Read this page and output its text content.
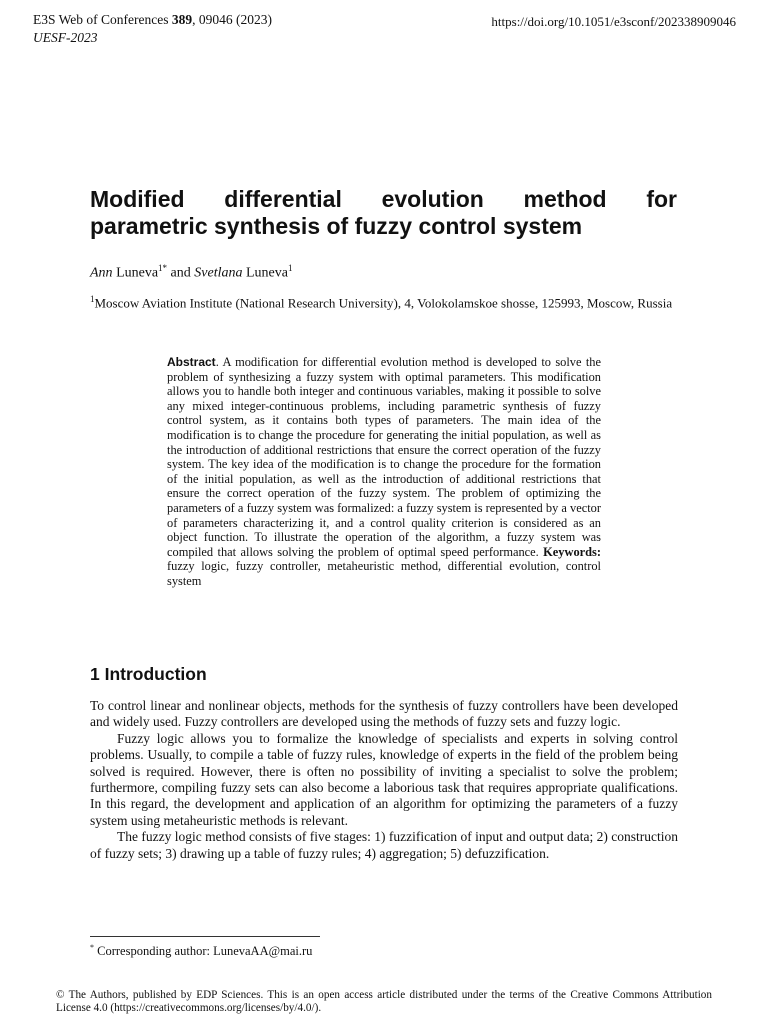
E3S Web of Conferences 389, 09046 (2023)
UESF-2023
https://doi.org/10.1051/e3sconf/202338909046
Modified differential evolution method for
parametric synthesis of fuzzy control system
Ann Luneva$^{1*}$ and Svetlana Luneva$^1$
$^1$Moscow Aviation Institute (National Research University), 4, Volokolamskoe shosse, 125993, Moscow, Russia
Abstract. A modification for differential evolution method is developed to solve the problem of synthesizing a fuzzy system with optimal parameters. This modification allows you to handle both integer and continuous variables, making it possible to solve any mixed integer-continuous problems, including parametric synthesis of fuzzy control system, as it contains both types of parameters. The main idea of the modification is to change the procedure for generating the initial population, as well as the introduction of additional restrictions that ensure the correct operation of the fuzzy system. The key idea of the modification is to change the procedure for the formation of the initial population, as well as the introduction of additional restrictions that ensure the correct operation of the fuzzy system. The problem of optimizing the parameters of a fuzzy system was formalized: a fuzzy system is represented by a vector of parameters characterizing it, and a control quality criterion is considered as an object function. To illustrate the operation of the algorithm, a fuzzy system was compiled that allows solving the problem of optimal speed performance. Keywords: fuzzy logic, fuzzy controller, metaheuristic method, differential evolution, control system
1 Introduction

To control linear and nonlinear objects, methods for the synthesis of fuzzy controllers have been developed and widely used. Fuzzy controllers are developed using the methods of fuzzy sets and fuzzy logic.

Fuzzy logic allows you to formalize the knowledge of specialists and experts in solving control problems. Usually, to compile a table of fuzzy rules, knowledge of experts in the field of the problem being solved is required. However, there is often no possibility of inviting a specialist to solve the problem; furthermore, compiling fuzzy sets can also become a laborious task that requires appropriate qualifications. In this regard, the development and application of an algorithm for optimizing the parameters of a fuzzy system using metaheuristic methods is relevant.

The fuzzy logic method consists of five stages: 1) fuzzification of input and output data; 2) construction of fuzzy sets; 3) drawing up a table of fuzzy rules; 4) aggregation; 5) defuzzification.

* Corresponding author: LunevaAA@mai.ru
© The Authors, published by EDP Sciences. This is an open access article distributed under the terms of the Creative Commons Attribution License 4.0 (https://creativecommons.org/licenses/by/4.0/).
